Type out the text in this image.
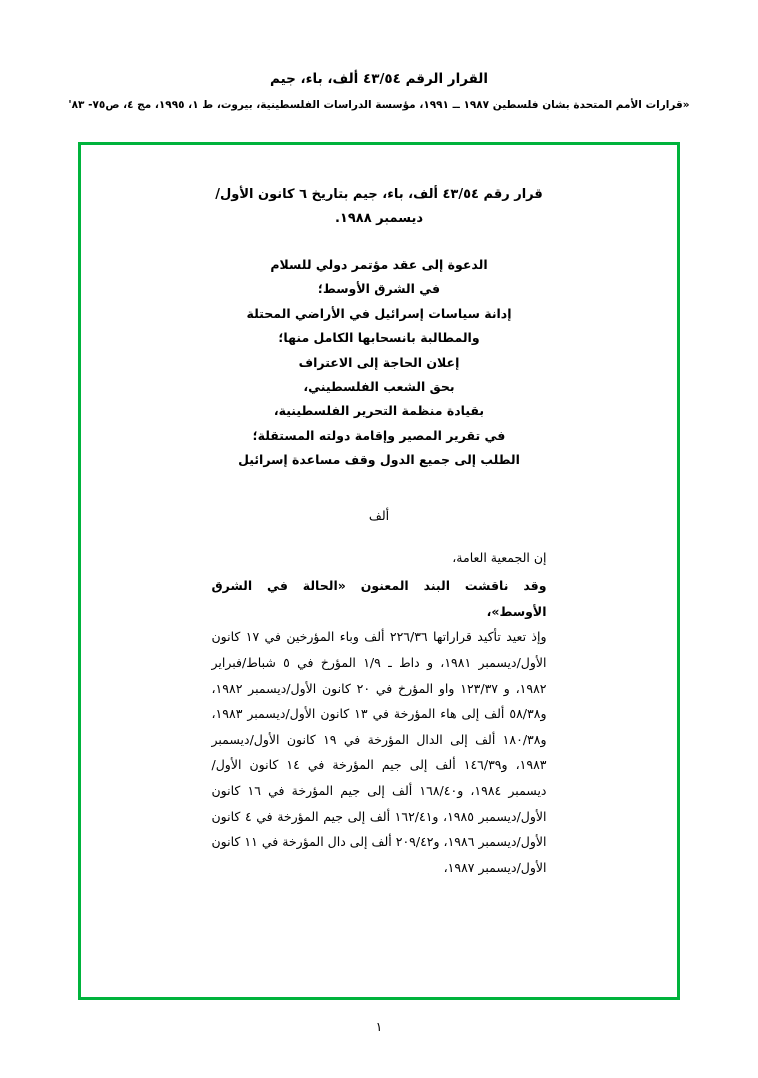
القرار الرقم ٤٣/٥٤ ألف، باء، جيم
«قرارات الأمم المتحدة بشان فلسطين ١٩٨٧ ــ ١٩٩١، مؤسسة الدراسات الفلسطينية، بيروت، ط ١، ١٩٩٥، مج ٤، ص٧٥- ٨٣'
قرار رقم ٤٣/٥٤ ألف، باء، جيم بتاريخ ٦ كانون الأول/ ديسمبر ١٩٨٨.
الدعوة إلى عقد مؤتمر دولي للسلام
في الشرق الأوسط؛
إدانة سياسات إسرائيل في الأراضي المحتلة
والمطالبة بانسحابها الكامل منها؛
إعلان الحاجة إلى الاعتراف
بحق الشعب الفلسطيني،
بقيادة منظمة التحرير الفلسطينية،
في تقرير المصير وإقامة دولته المستقلة؛
الطلب إلى جميع الدول وقف مساعدة إسرائيل
ألف

إن الجمعية العامة،

وقد ناقشت البند المعنون «الحالة في الشرق الأوسط»،

وإذ تعيد تأكيد قراراتها ٢٢٦/٣٦ ألف وباء المؤرخين في ١٧ كانون الأول/ديسمبر ١٩٨١، و داط ـ ١/٩ المؤرخ في ٥ شباط/فبراير ١٩٨٢، و ١٢٣/٣٧ واو المؤرخ في ٢٠ كانون الأول/ديسمبر ١٩٨٢، و٥٨/٣٨ ألف إلى هاء المؤرخة في ١٣ كانون الأول/ديسمبر ١٩٨٣، و١٨٠/٣٨ ألف إلى الدال المؤرخة في ١٩ كانون الأول/ديسمبر ١٩٨٣، و١٤٦/٣٩ ألف إلى جيم المؤرخة في ١٤ كانون الأول/ديسمبر ١٩٨٤، و١٦٨/٤٠ ألف إلى جيم المؤرخة في ١٦ كانون الأول/ديسمبر ١٩٨٥، و١٦٢/٤١ ألف إلى جيم المؤرخة في ٤ كانون الأول/ديسمبر ١٩٨٦، و٢٠٩/٤٢ ألف إلى دال المؤرخة في ١١ كانون الأول/ديسمبر ١٩٨٧،

١
